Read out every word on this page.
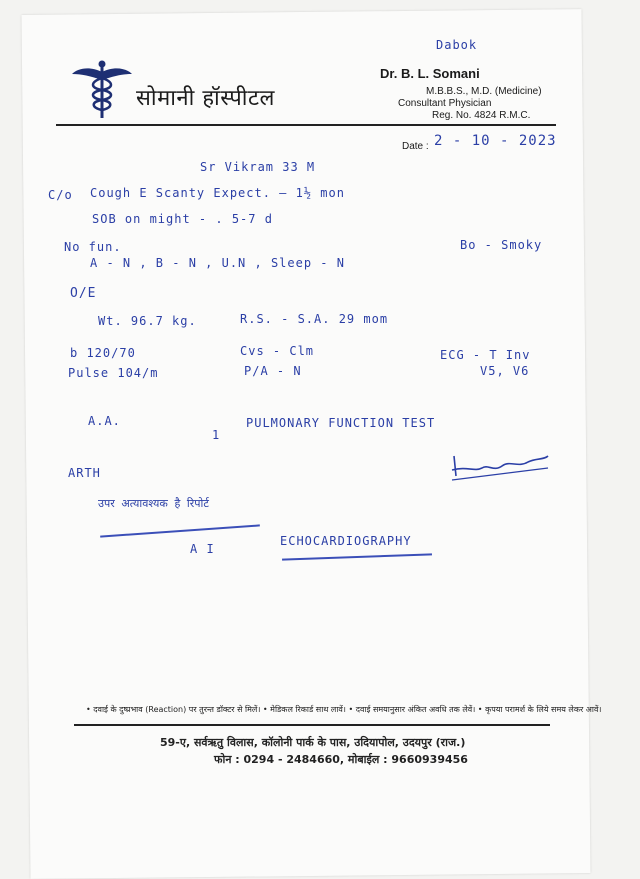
Dabok
सोमानी हॉस्पीटल
Dr. B. L. Somani
M.B.B.S., M.D. (Medicine)
Consultant Physician
Reg. No. 4824 R.M.C.
Date : 2 - 10 - 2023
Sr Vikram 33 M
C/o Cough E Scanty Expect. — 1½ mon
SOB on might - . 5-7 d
No fun.	Bo - Smoky
A - N , B - N , U.N , Sleep - N
O/E
Wt. 96.7 kg.	R.S. - S.A. 29 mom
b 120/70
Pulse 104/m
Cvs - Clm
P/A - N
ECG - T Inv
V5, V6
A.A.
1
PULMONARY FUNCTION TEST
ARTH
उपर अत्यावश्यक है रिपोर्ट
A I
ECHOCARDIOGRAPHY
• दवाई के दुष्प्रभाव (Reaction) पर तुरन्त डॉक्टर से मिलें। • मेडिकल रिकार्ड साथ लावें। • दवाई समयानुसार अंकित अवधि तक लेवें। • कृपया परामर्श के लिये समय लेकर आवें।
59-ए, सर्वऋतु विलास, कॉलोनी पार्क के पास, उदियापोल, उदयपुर (राज.)
फोन : 0294 - 2484660, मोबाईल : 9660939456
